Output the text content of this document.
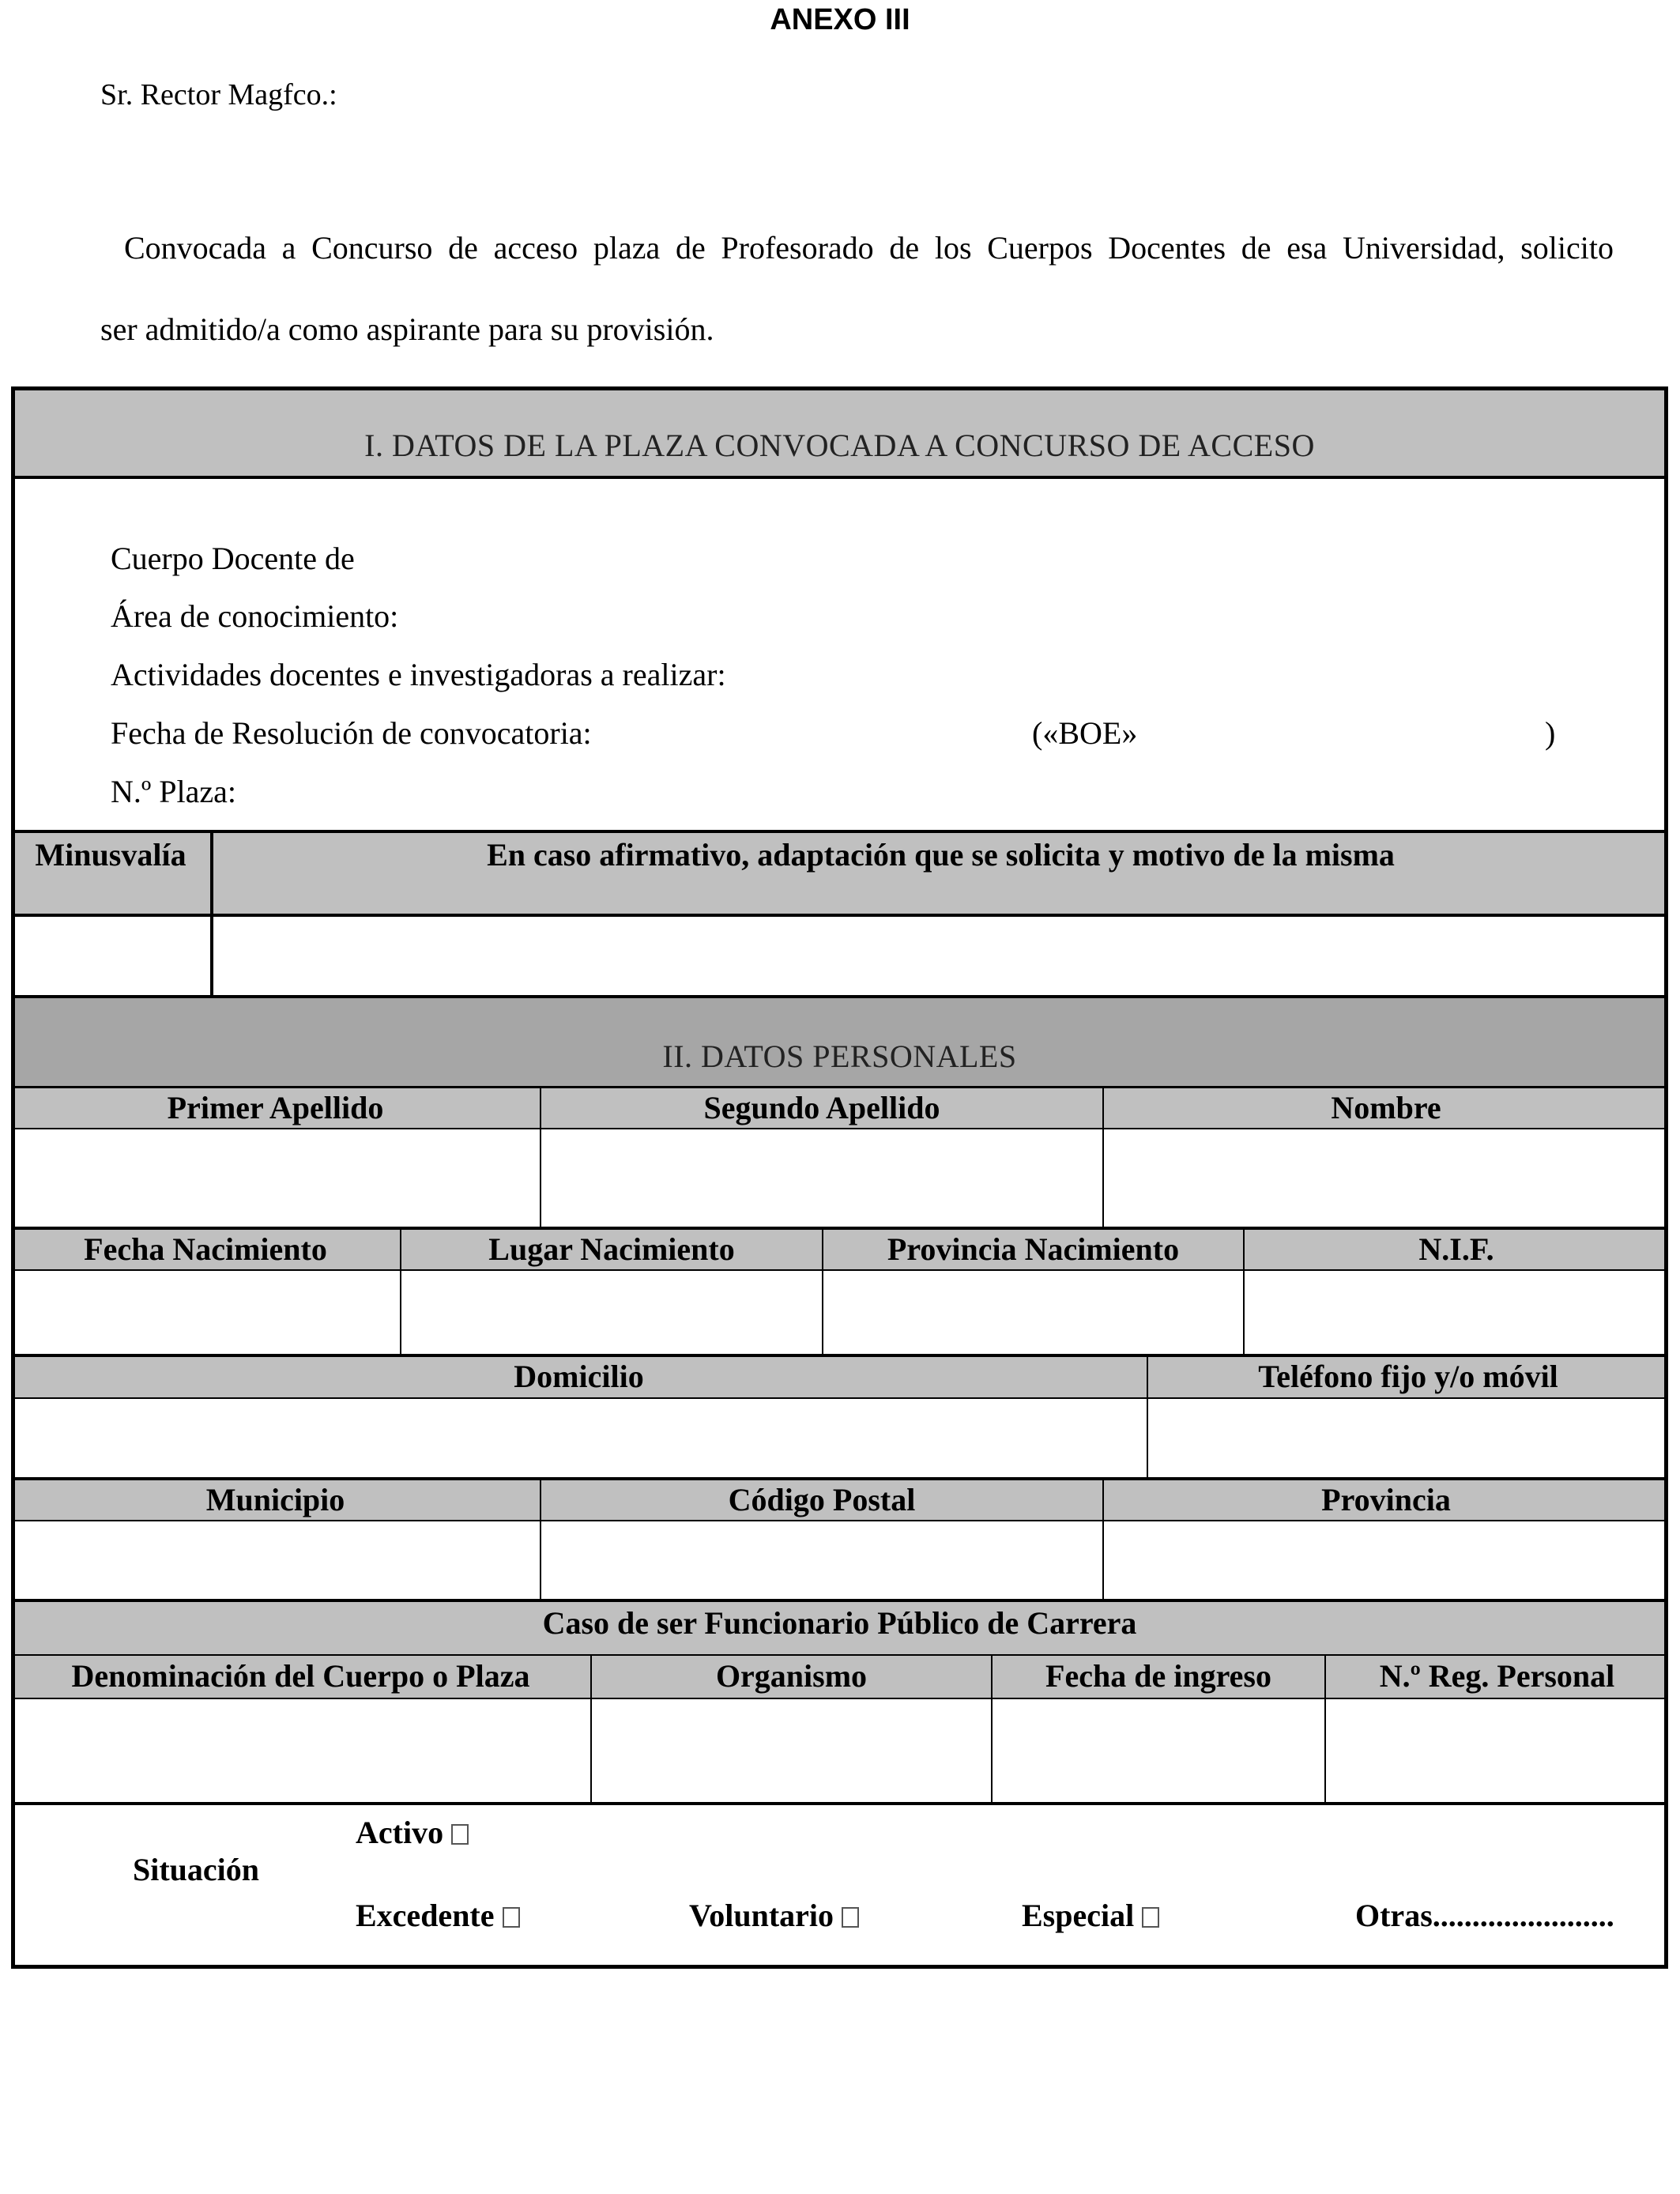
ANEXO III
Sr. Rector Magfco.:
Convocada a Concurso de acceso plaza de Profesorado de los Cuerpos Docentes de esa Universidad, solicito
ser admitido/a como aspirante para su provisión.
I. DATOS DE LA PLAZA CONVOCADA A CONCURSO DE ACCESO
Cuerpo Docente de
Área de conocimiento:
Actividades docentes e investigadoras a realizar:
Fecha de Resolución de convocatoria:	(«BOE»	)
N.º Plaza:
Minusvalía	En caso afirmativo, adaptación que se solicita y motivo de la misma
II. DATOS PERSONALES
Primer Apellido	Segundo Apellido	Nombre
Fecha Nacimiento	Lugar Nacimiento	Provincia Nacimiento	N.I.F.
Domicilio	Teléfono fijo y/o móvil
Municipio	Código Postal	Provincia
Caso de ser Funcionario Público de Carrera
Denominación del Cuerpo o Plaza	Organismo	Fecha de ingreso	N.º Reg. Personal
Situación
Activo
Excedente	Voluntario	Especial	Otras.......................
